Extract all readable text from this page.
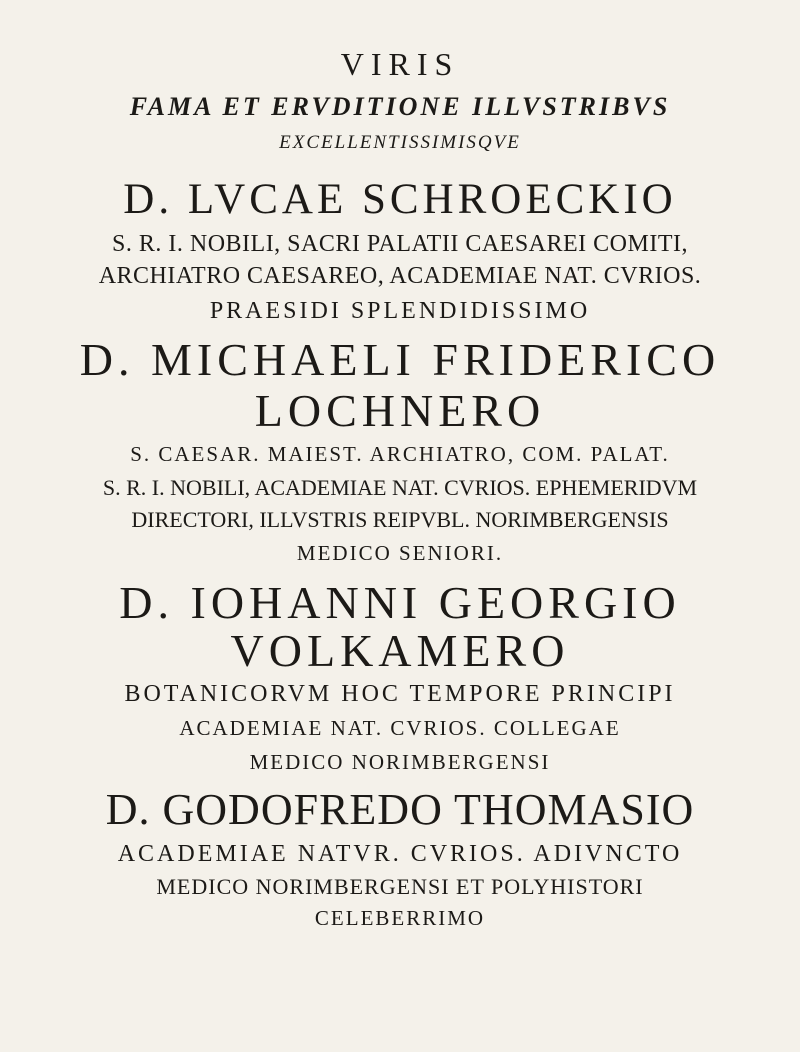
VIRIS
FAMA ET ERVDITIONE ILLVSTRIBVS
EXCELLENTISSIMISQVE
D. LVCAE SCHROECKIO
S. R. I. NOBILI, SACRI PALATII CAESAREI COMITI,
ARCHIATRO CAESAREO, ACADEMIAE NAT. CVRIOS.
PRAESIDI SPLENDIDISSIMO
D. MICHAELI FRIDERICO
LOCHNERO
S. CAESAR. MAIEST. ARCHIATRO, COM. PALAT.
S. R. I. NOBILI, ACADEMIAE NAT. CVRIOS. EPHEMERIDVM
DIRECTORI, ILLVSTRIS REIPVBL. NORIMBERGENSIS
MEDICO SENIORI.
D. IOHANNI GEORGIO
VOLKAMERO
BOTANICORVM HOC TEMPORE PRINCIPI
ACADEMIAE NAT. CVRIOS. COLLEGAE
MEDICO NORIMBERGENSI
D. GODOFREDO THOMASIO
ACADEMIAE NATVR. CVRIOS. ADIVNCTO
MEDICO NORIMBERGENSI ET POLYHISTORI
CELEBERRIMO
